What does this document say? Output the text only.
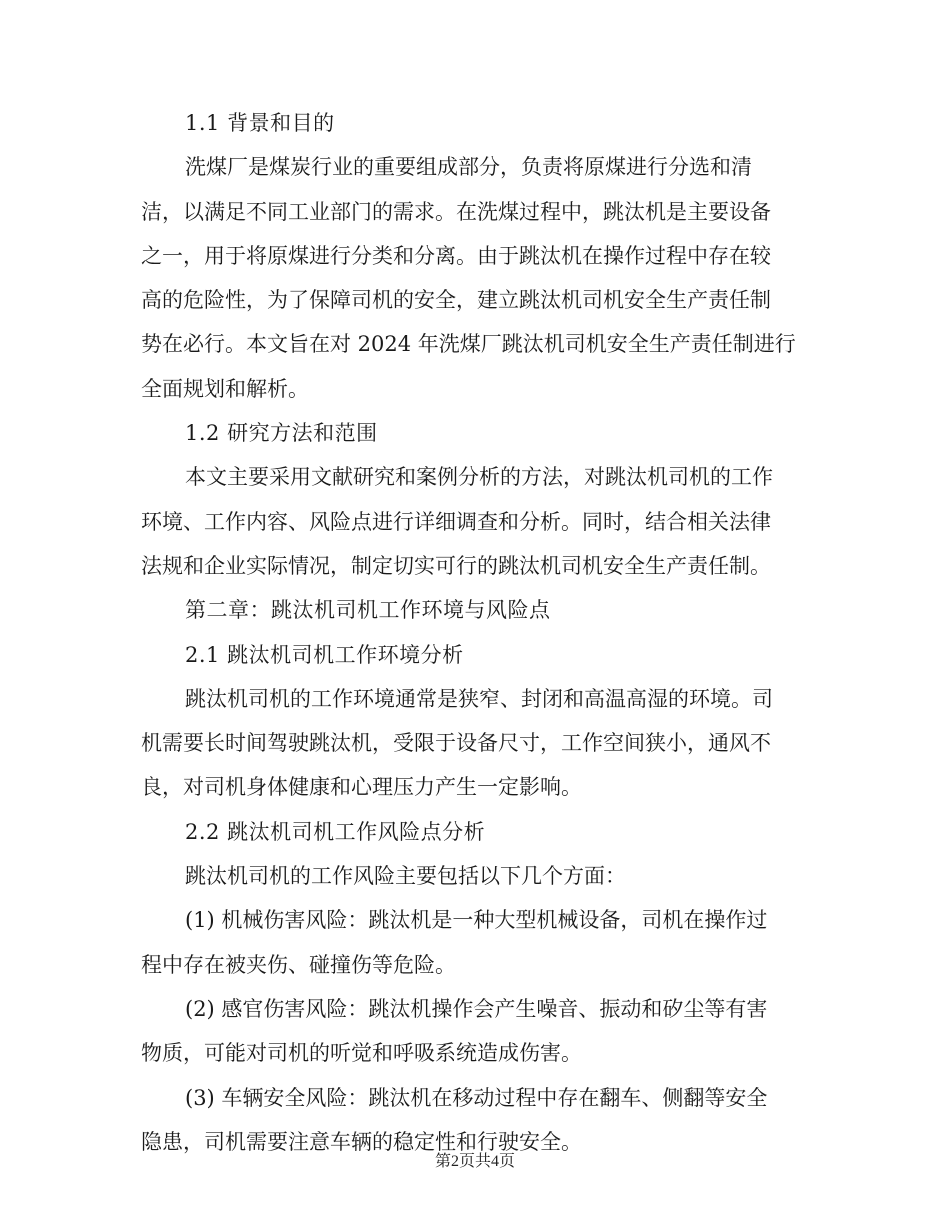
1.1 背景和目的
洗煤厂是煤炭行业的重要组成部分，负责将原煤进行分选和清
洁，以满足不同工业部门的需求。在洗煤过程中，跳汰机是主要设备
之一，用于将原煤进行分类和分离。由于跳汰机在操作过程中存在较
高的危险性，为了保障司机的安全，建立跳汰机司机安全生产责任制
势在必行。本文旨在对 2024 年洗煤厂跳汰机司机安全生产责任制进行
全面规划和解析。
1.2 研究方法和范围
本文主要采用文献研究和案例分析的方法，对跳汰机司机的工作
环境、工作内容、风险点进行详细调查和分析。同时，结合相关法律
法规和企业实际情况，制定切实可行的跳汰机司机安全生产责任制。
第二章：跳汰机司机工作环境与风险点
2.1 跳汰机司机工作环境分析
跳汰机司机的工作环境通常是狭窄、封闭和高温高湿的环境。司
机需要长时间驾驶跳汰机，受限于设备尺寸，工作空间狭小，通风不
良，对司机身体健康和心理压力产生一定影响。
2.2 跳汰机司机工作风险点分析
跳汰机司机的工作风险主要包括以下几个方面：
(1) 机械伤害风险：跳汰机是一种大型机械设备，司机在操作过
程中存在被夹伤、碰撞伤等危险。
(2) 感官伤害风险：跳汰机操作会产生噪音、振动和矽尘等有害
物质，可能对司机的听觉和呼吸系统造成伤害。
(3) 车辆安全风险：跳汰机在移动过程中存在翻车、侧翻等安全
隐患，司机需要注意车辆的稳定性和行驶安全。
第2页共4页
